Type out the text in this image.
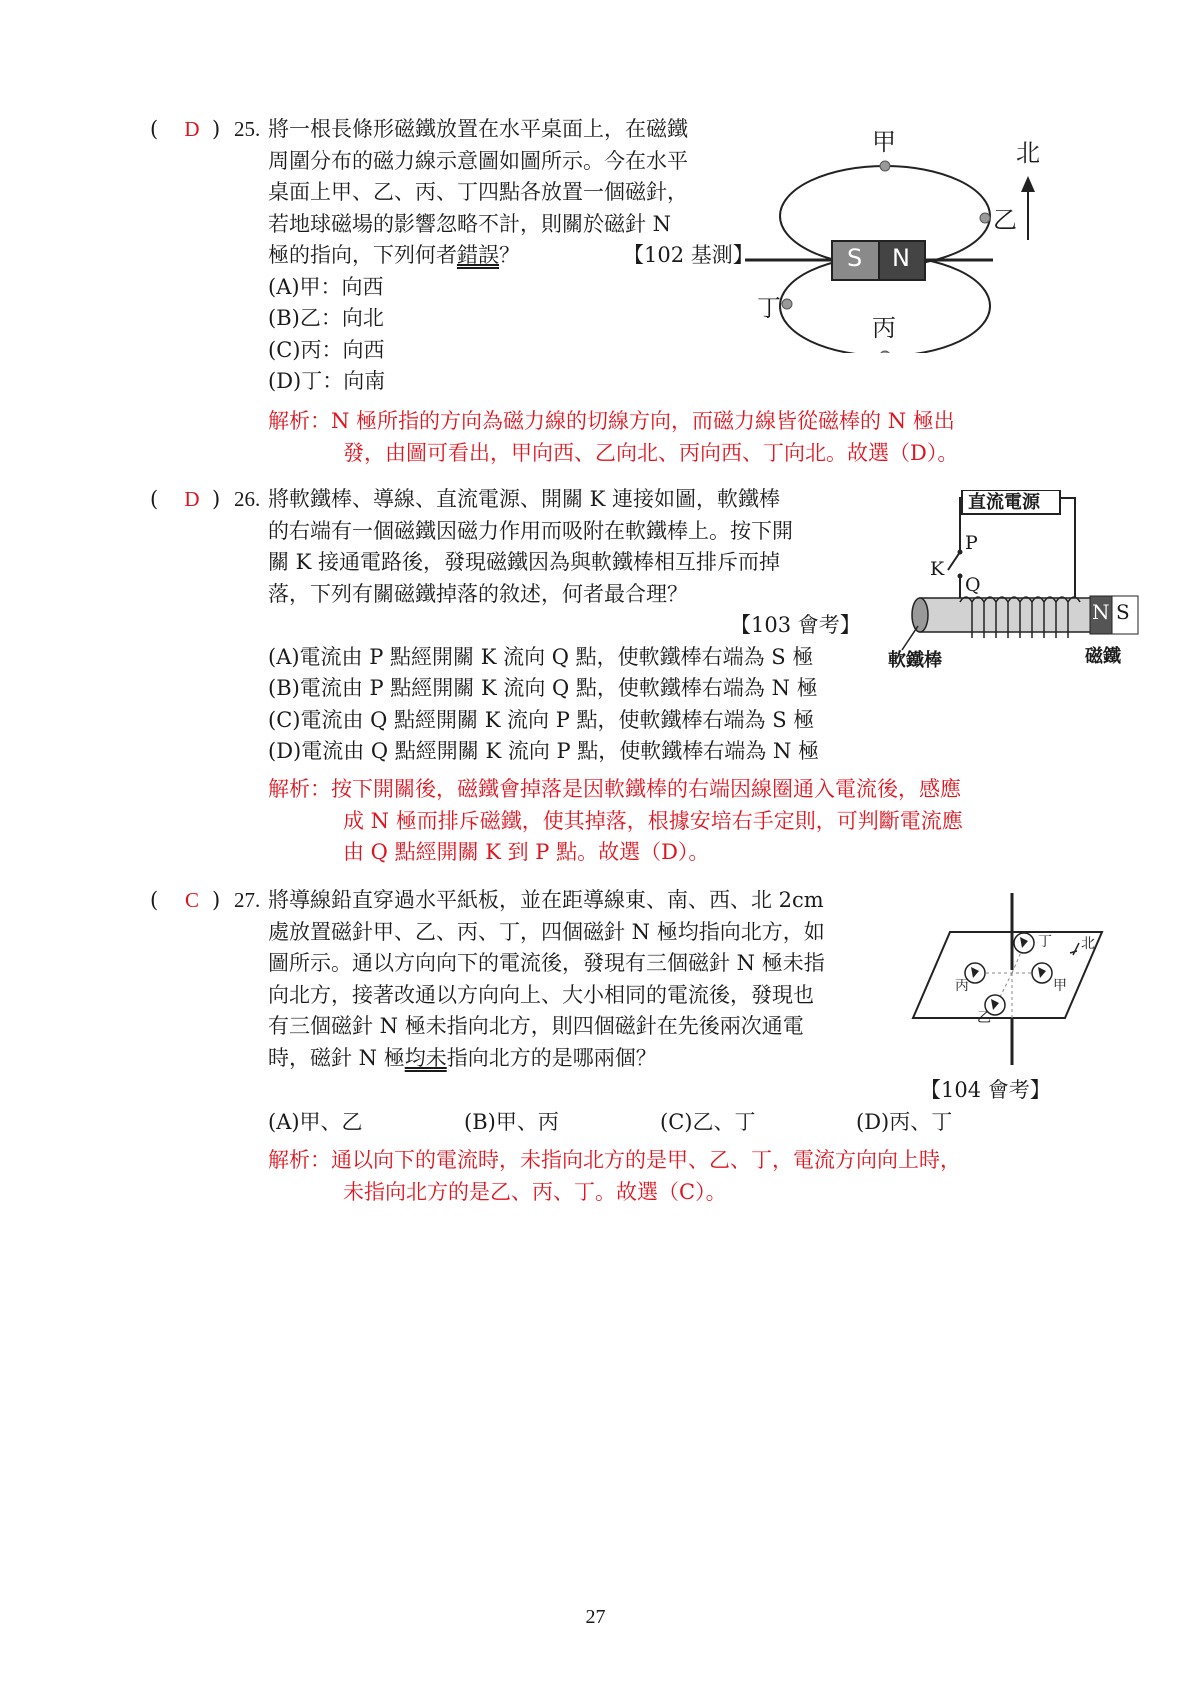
( D ) 25. 將一根長條形磁鐵放置在水平桌面上，在磁鐵
周圍分布的磁力線示意圖如圖所示。今在水平
桌面上甲、乙、丙、丁四點各放置一個磁針，
若地球磁場的影響忽略不計，則關於磁針 N
極的指向，下列何者錯誤？
(A)甲：向西
(B)乙：向北
(C)丙：向西
(D)丁：向南
【102 基測】	S N
甲
乙
丁
丙
北
解析：N 極所指的方向為磁力線的切線方向，而磁力線皆從磁棒的 N 極出
發，由圖可看出，甲向西、乙向北、丙向西、丁向北。故選（D）。
( D ) 26. 將軟鐵棒、導線、直流電源、開關 K 連接如圖，軟鐵棒
的右端有一個磁鐵因磁力作用而吸附在軟鐵棒上。按下開
關 K 接通電路後，發現磁鐵因為與軟鐵棒相互排斥而掉
落，下列有關磁鐵掉落的敘述，何者最合理？
(A)電流由 P 點經開關 K 流向 Q 點，使軟鐵棒右端為 S 極
(B)電流由 P 點經開關 K 流向 Q 點，使軟鐵棒右端為 N 極
(C)電流由 Q 點經開關 K 流向 P 點，使軟鐵棒右端為 S 極
(D)電流由 Q 點經開關 K 流向 P 點，使軟鐵棒右端為 N 極
【103 會考】
直流電源
P
K
Q
N S
軟鐵棒	磁鐵
解析：按下開關後，磁鐵會掉落是因軟鐵棒的右端因線圈通入電流後，感應
成 N 極而排斥磁鐵，使其掉落，根據安培右手定則，可判斷電流應
由 Q 點經開關 K 到 P 點。故選（D）。
( C ) 27. 將導線鉛直穿過水平紙板，並在距導線東、南、西、北 2cm
處放置磁針甲、乙、丙、丁，四個磁針 N 極均指向北方，如
圖所示。通以方向向下的電流後，發現有三個磁針 N 極未指
向北方，接著改通以方向向上、大小相同的電流後，發現也
有三個磁針 N 極未指向北方，則四個磁針在先後兩次通電
時，磁針 N 極均未指向北方的是哪兩個？
【104 會考】
(A)甲、乙	(B)甲、丙	(C)乙、丁	(D)丙、丁
丁
丙	甲
乙
北
解析：通以向下的電流時，未指向北方的是甲、乙、丁，電流方向向上時，
未指向北方的是乙、丙、丁。故選（C）。
27
